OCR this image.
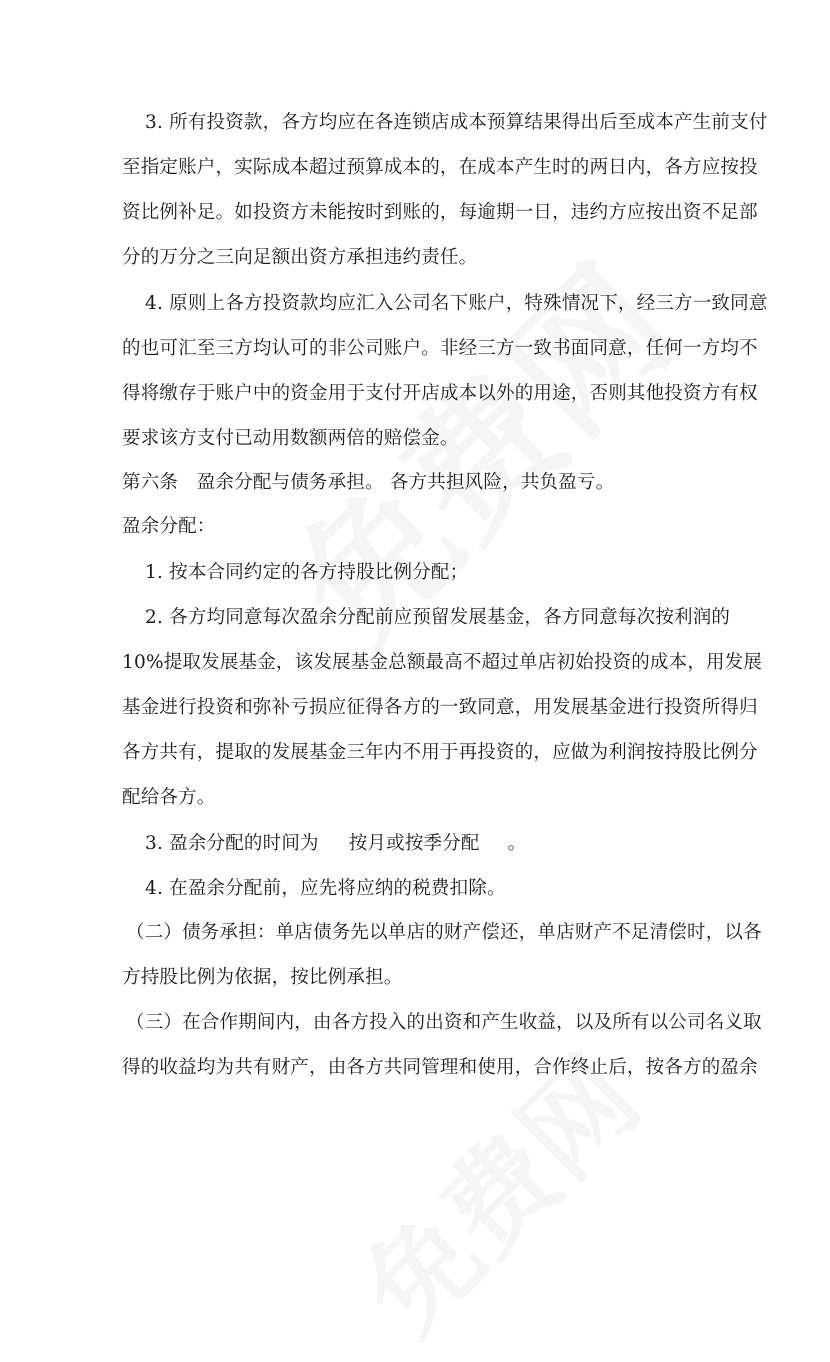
3. 所有投资款，各方均应在各连锁店成本预算结果得出后至成本产生前支付
至指定账户，实际成本超过预算成本的，在成本产生时的两日内，各方应按投
资比例补足。如投资方未能按时到账的，每逾期一日，违约方应按出资不足部
分的万分之三向足额出资方承担违约责任。
4. 原则上各方投资款均应汇入公司名下账户，特殊情况下，经三方一致同意
的也可汇至三方均认可的非公司账户。非经三方一致书面同意，任何一方均不
得将缴存于账户中的资金用于支付开店成本以外的用途，否则其他投资方有权
要求该方支付已动用数额两倍的赔偿金。
第六条　盈余分配与债务承担。 各方共担风险，共负盈亏。
盈余分配：
1. 按本合同约定的各方持股比例分配；
2. 各方均同意每次盈余分配前应预留发展基金，各方同意每次按利润的
10%提取发展基金，该发展基金总额最高不超过单店初始投资的成本，用发展
基金进行投资和弥补亏损应征得各方的一致同意，用发展基金进行投资所得归
各方共有，提取的发展基金三年内不用于再投资的，应做为利润按持股比例分
配给各方。
3. 盈余分配的时间为 按月或按季分配 。
4. 在盈余分配前，应先将应纳的税费扣除。
（二）债务承担：单店债务先以单店的财产偿还，单店财产不足清偿时，以各
方持股比例为依据，按比例承担。
（三）在合作期间内，由各方投入的出资和产生收益，以及所有以公司名义取
得的收益均为共有财产，由各方共同管理和使用，合作终止后，按各方的盈余
